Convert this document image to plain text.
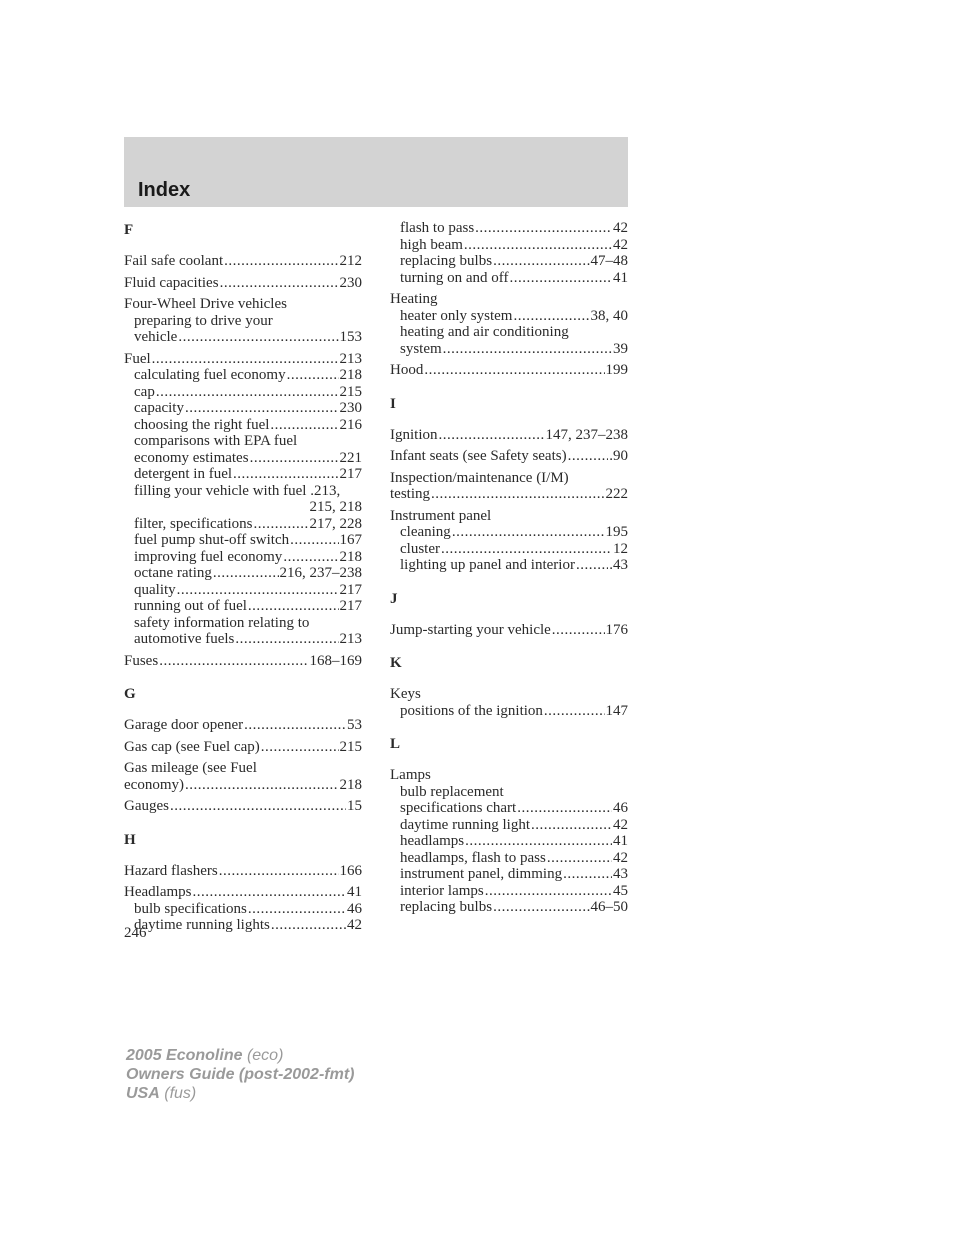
Index
F
Fail safe coolant .....	212
Fluid capacities .....	230
Four-Wheel Drive vehicles
preparing to drive your
vehicle .....	153
Fuel .....	213
calculating fuel economy .....	218
cap .....	215
capacity .....	230
choosing the right fuel .....	216
comparisons with EPA fuel
economy estimates .....	221
detergent in fuel .....	217
filling your vehicle with fuel
.213,
215, 218
filter, specifications .....	217, 228
fuel pump shut-off switch .....	167
improving fuel economy .....	218
octane rating .....	216, 237–238
quality .....	217
running out of fuel .....	217
safety information relating to
automotive fuels .....	213
Fuses .....	168–169
G
Garage door opener .....	53
Gas cap (see Fuel cap) .....	215
Gas mileage (see Fuel
economy) .....	218
Gauges .....	15
H
Hazard flashers .....	166
Headlamps .....	41
bulb specifications .....	46
daytime running lights .....	42
flash to pass .....	42
high beam .....	42
replacing bulbs .....	47–48
turning on and off .....	41
Heating
heater only system .....	38, 40
heating and air conditioning
system .....	39
Hood .....	199
I
Ignition .....	147, 237–238
Infant seats (see Safety seats) .....	.90
Inspection/maintenance (I/M)
testing .....	222
Instrument panel
cleaning .....	195
cluster .....	12
lighting up panel and interior ..... .43
J
Jump-starting your vehicle .....	176
K
Keys
positions of the ignition .....	147
L
Lamps
bulb replacement
specifications chart .....	46
daytime running light .....	42
headlamps .....	41
headlamps, flash to pass .....	42
instrument panel, dimming .....	43
interior lamps .....	45
replacing bulbs .....	46–50
246
2005 Econoline (eco)
Owners Guide (post-2002-fmt)
USA (fus)
